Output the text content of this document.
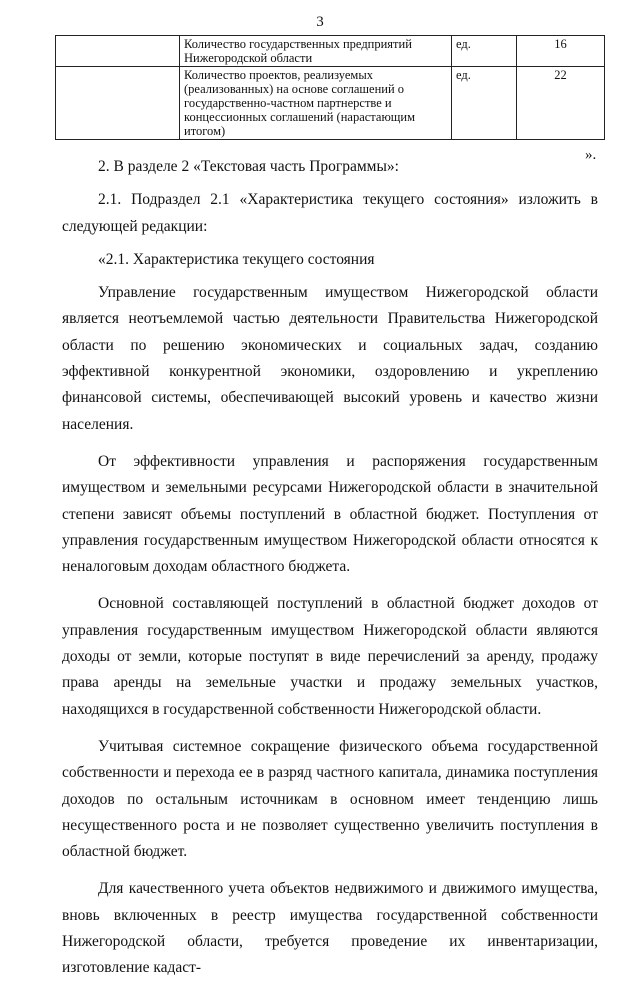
3
	Количество государственных предприятий Нижегородской области	ед.	16
	Количество проектов, реализуемых (реализованных) на основе соглашений о государственно-частном партнерстве и концессионных соглашений (нарастающим итогом)	ед.	22
».

2. В разделе 2 «Текстовая часть Программы»:

2.1. Подраздел 2.1 «Характеристика текущего состояния» изложить в следующей редакции:

«2.1. Характеристика текущего состояния

Управление государственным имуществом Нижегородской области является неотъемлемой частью деятельности Правительства Нижегородской области по решению экономических и социальных задач, созданию эффективной конкурентной экономики, оздоровлению и укреплению финансовой системы, обеспечивающей высокий уровень и качество жизни населения.

От эффективности управления и распоряжения государственным имуществом и земельными ресурсами Нижегородской области в значительной степени зависят объемы поступлений в областной бюджет. Поступления от управления государственным имуществом Нижегородской области относятся к неналоговым доходам областного бюджета.

Основной составляющей поступлений в областной бюджет доходов от управления государственным имуществом Нижегородской области являются доходы от земли, которые поступят в виде перечислений за аренду, продажу права аренды на земельные участки и продажу земельных участков, находящихся в государственной собственности Нижегородской области.

Учитывая системное сокращение физического объема государственной собственности и перехода ее в разряд частного капитала, динамика поступления доходов по остальным источникам в основном имеет тенденцию лишь несущественного роста и не позволяет существенно увеличить поступления в областной бюджет.

Для качественного учета объектов недвижимого и движимого имущества, вновь включенных в реестр имущества государственной собственности Нижегородской области, требуется проведение их инвентаризации, изготовление кадаст-
